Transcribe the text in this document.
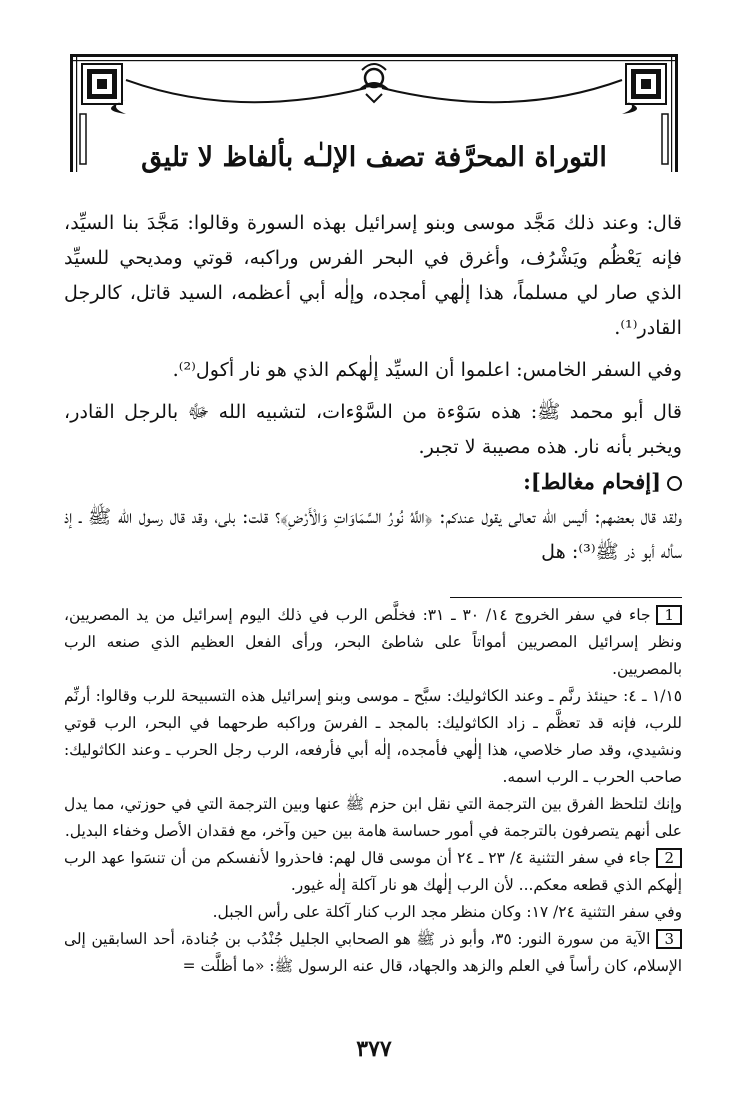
التوراة المحرَّفة تصف الإلـٰه بألفاظ لا تليق

قال: وعند ذلك مَجَّد موسى وبنو إسرائيل بهذه السورة وقالوا: مَجَّدَ بنا السيِّد، فإنه يَعْظُم ويَشْرُف، وأغرق في البحر الفرس وراكبه، قوتي ومديحي للسيِّد الذي صار لي مسلماً، هذا إلٰهي أمجده، وإلٰه أبي أعظمه، السيد قاتل، كالرجل القادر⁽¹⁾.

وفي السفر الخامس: اعلموا أن السيِّد إلٰهكم الذي هو نار أكول⁽²⁾.

قال أبو محمد ﷺ: هذه سَوْءة من السَّوْءات، لتشبيه الله ﷻ بالرجل القادر، ويخبر بأنه نار. هذه مصيبة لا تجبر.

[إفحام مغالط]:

ولقد قال بعضهم: أليس الله تعالى يقول عندكم: ﴿اللَّهُ نُورُ السَّمَاوَاتِ وَالْأَرْضِ﴾؟ قلت: بلى، وقد قال رسول الله ﷺ ـ إذ سأله أبو ذر ﷺ⁽³⁾: هل

1جاء في سفر الخروج ١٤/ ٣٠ ـ ٣١: فخلَّص الرب في ذلك اليوم إسرائيل من يد المصريين، ونظر إسرائيل المصريين أمواتاً على شاطئ البحر، ورأى الفعل العظيم الذي صنعه الرب بالمصريين.

١/١٥ ـ ٤: حينئذ رنَّم ـ وعند الكاثوليك: سبَّح ـ موسى وبنو إسرائيل هذه التسبيحة للرب وقالوا: أرنِّم للرب، فإنه قد تعظَّم ـ زاد الكاثوليك: بالمجد ـ الفرسَ وراكبه طرحهما في البحر، الرب قوتي ونشيدي، وقد صار خلاصي، هذا إلٰهي فأمجده، إلٰه أبي فأرفعه، الرب رجل الحرب ـ وعند الكاثوليك: صاحب الحرب ـ الرب اسمه.

وإنك لتلحظ الفرق بين الترجمة التي نقل ابن حزم ﷺ عنها وبين الترجمة التي في حوزتي، مما يدل على أنهم يتصرفون بالترجمة في أمور حساسة هامة بين حين وآخر، مع فقدان الأصل وخفاء البديل.

2جاء في سفر التثنية ٤/ ٢٣ ـ ٢٤ أن موسى قال لهم: فاحذروا لأنفسكم من أن تنسَوا عهد الرب إلٰهكم الذي قطعه معكم... لأن الرب إلٰهك هو نار آكلة إلٰه غيور.

وفي سفر التثنية ٢٤/ ١٧: وكان منظر مجد الرب كنار آكلة على رأس الجبل.

3الآية من سورة النور: ٣٥، وأبو ذر ﷺ هو الصحابي الجليل جُنْدُب بن جُنادة، أحد السابقين إلى الإسلام، كان رأساً في العلم والزهد والجهاد، قال عنه الرسول ﷺ: «ما أظلَّت =

٣٧٧
